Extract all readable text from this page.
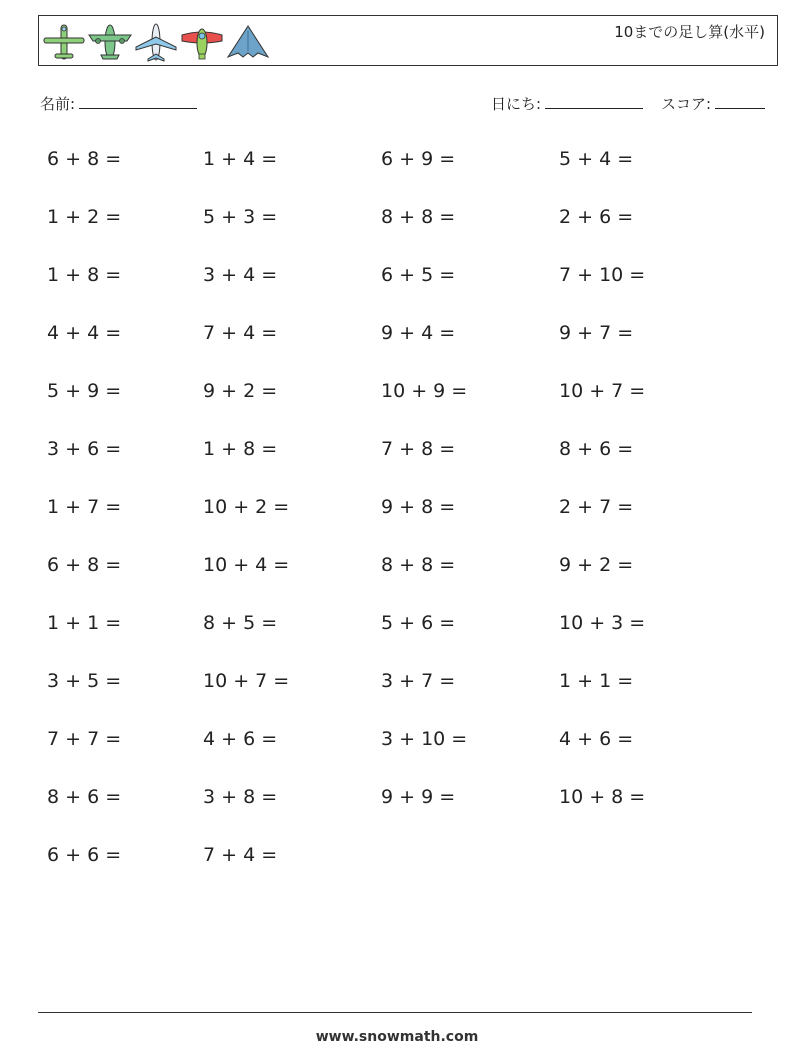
10までの足し算(水平)
名前:	日にち:	スコア:
6 + 8 =	1 + 4 =	6 + 9 =	5 + 4 =
1 + 2 =	5 + 3 =	8 + 8 =	2 + 6 =
1 + 8 =	3 + 4 =	6 + 5 =	7 + 10 =
4 + 4 =	7 + 4 =	9 + 4 =	9 + 7 =
5 + 9 =	9 + 2 =	10 + 9 =	10 + 7 =
3 + 6 =	1 + 8 =	7 + 8 =	8 + 6 =
1 + 7 =	10 + 2 =	9 + 8 =	2 + 7 =
6 + 8 =	10 + 4 =	8 + 8 =	9 + 2 =
1 + 1 =	8 + 5 =	5 + 6 =	10 + 3 =
3 + 5 =	10 + 7 =	3 + 7 =	1 + 1 =
7 + 7 =	4 + 6 =	3 + 10 =	4 + 6 =
8 + 6 =	3 + 8 =	9 + 9 =	10 + 8 =
6 + 6 =	7 + 4 =
www.snowmath.com
